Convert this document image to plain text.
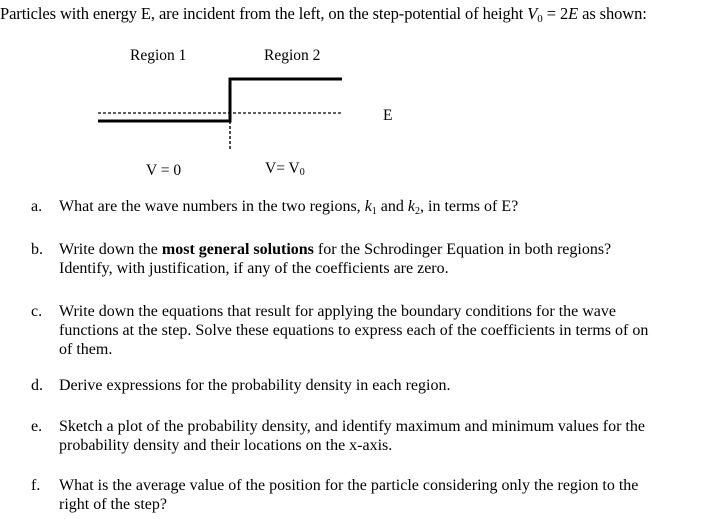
Particles with energy E, are incident from the left, on the step-potential of height $V_0 = 2E$ as shown:
Region 1	Region 2
E
V = 0	$V= V_0$
a. What are the wave numbers in the two regions, $k_1$ and $k_2$, in terms of E?
b. Write down the most general solutions for the Schrodinger Equation in both regions?
Identify, with justification, if any of the coefficients are zero.
c. Write down the equations that result for applying the boundary conditions for the wave
functions at the step. Solve these equations to express each of the coefficients in terms of on
of them.
d. Derive expressions for the probability density in each region.
e. Sketch a plot of the probability density, and identify maximum and minimum values for the
probability density and their locations on the x-axis.
f. What is the average value of the position for the particle considering only the region to the
right of the step?
